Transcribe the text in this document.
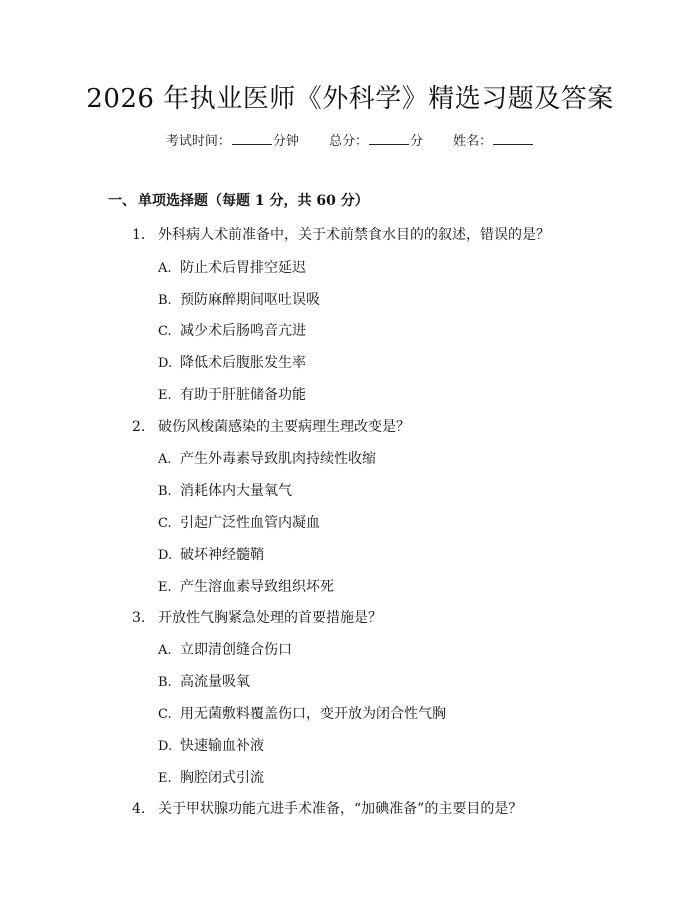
2026 年执业医师《外科学》精选习题及答案
考试时间：	分钟 总分：	分 姓名：
一、 单项选择题（每题 1 分，共 60 分）
1. 外科病人术前准备中，关于术前禁食水目的的叙述，错误的是？
A. 防止术后胃排空延迟
B. 预防麻醉期间呕吐误吸
C. 减少术后肠鸣音亢进
D. 降低术后腹胀发生率
E. 有助于肝脏储备功能
2. 破伤风梭菌感染的主要病理生理改变是？
A. 产生外毒素导致肌肉持续性收缩
B. 消耗体内大量氧气
C. 引起广泛性血管内凝血
D. 破坏神经髓鞘
E. 产生溶血素导致组织坏死
3. 开放性气胸紧急处理的首要措施是？
A. 立即清创缝合伤口
B. 高流量吸氧
C. 用无菌敷料覆盖伤口，变开放为闭合性气胸
D. 快速输血补液
E. 胸腔闭式引流
4. 关于甲状腺功能亢进手术准备，“加碘准备”的主要目的是？
